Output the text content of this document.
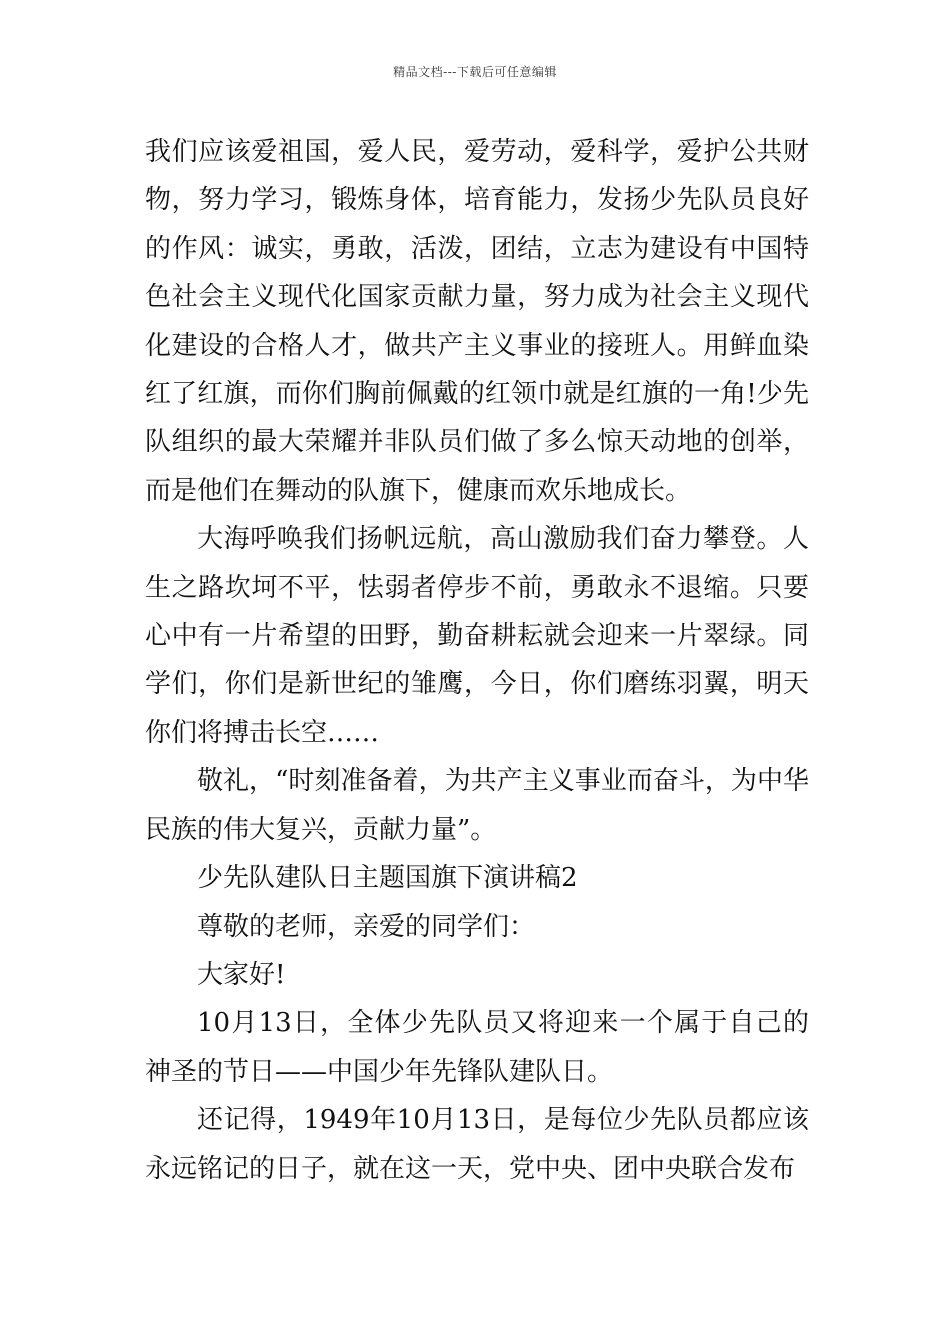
精品文档---下载后可任意编辑

我们应该爱祖国，爱人民，爱劳动，爱科学，爱护公共财物，努力学习，锻炼身体，培育能力，发扬少先队员良好的作风：诚实，勇敢，活泼，团结，立志为建设有中国特色社会主义现代化国家贡献力量，努力成为社会主义现代化建设的合格人才，做共产主义事业的接班人。用鲜血染红了红旗，而你们胸前佩戴的红领巾就是红旗的一角!少先队组织的最大荣耀并非队员们做了多么惊天动地的创举，而是他们在舞动的队旗下，健康而欢乐地成长。

大海呼唤我们扬帆远航，高山激励我们奋力攀登。人生之路坎坷不平，怯弱者停步不前，勇敢永不退缩。只要心中有一片希望的田野，勤奋耕耘就会迎来一片翠绿。同学们，你们是新世纪的雏鹰，今日，你们磨练羽翼，明天你们将搏击长空……

敬礼，“时刻准备着，为共产主义事业而奋斗，为中华民族的伟大复兴，贡献力量”。

少先队建队日主题国旗下演讲稿2

尊敬的老师，亲爱的同学们：

大家好!

10月13日，全体少先队员又将迎来一个属于自己的神圣的节日——中国少年先锋队建队日。

还记得，1949年10月13日，是每位少先队员都应该永远铭记的日子，就在这一天，党中央、团中央联合发布
